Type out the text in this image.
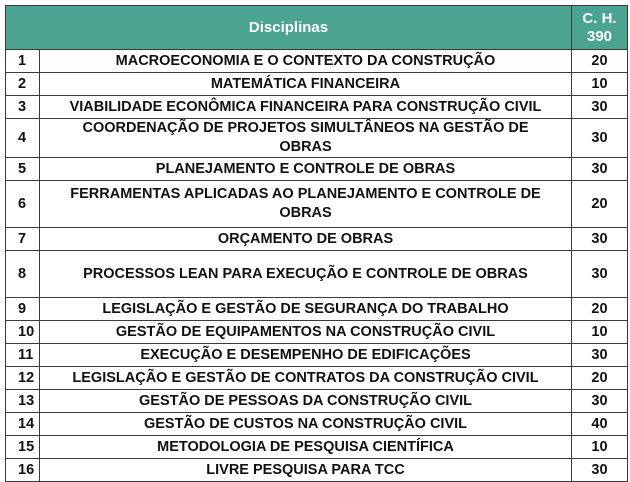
Disciplinas		C. H.
390

1	MACROECONOMIA E O CONTEXTO DA CONSTRUÇÃO	20
2	MATEMÁTICA FINANCEIRA	10
3	VIABILIDADE ECONÔMICA FINANCEIRA PARA CONSTRUÇÃO CIVIL	30
4	COORDENAÇÃO DE PROJETOS SIMULTÂNEOS NA GESTÃO DE OBRAS	30
5	PLANEJAMENTO E CONTROLE DE OBRAS	30
6	FERRAMENTAS APLICADAS AO PLANEJAMENTO E CONTROLE DE OBRAS	20
7	ORÇAMENTO DE OBRAS	30
8	PROCESSOS LEAN PARA EXECUÇÃO E CONTROLE DE OBRAS	30
9	LEGISLAÇÃO E GESTÃO DE SEGURANÇA DO TRABALHO	20
10	GESTÃO DE EQUIPAMENTOS NA CONSTRUÇÃO CIVIL	10
11	EXECUÇÃO E DESEMPENHO DE EDIFICAÇÕES	30
12	LEGISLAÇÃO E GESTÃO DE CONTRATOS DA CONSTRUÇÃO CIVIL	20
13	GESTÃO DE PESSOAS DA CONSTRUÇÃO CIVIL	30
14	GESTÃO DE CUSTOS NA CONSTRUÇÃO CIVIL	40
15	METODOLOGIA DE PESQUISA CIENTÍFICA	10
16	LIVRE PESQUISA PARA TCC	30
